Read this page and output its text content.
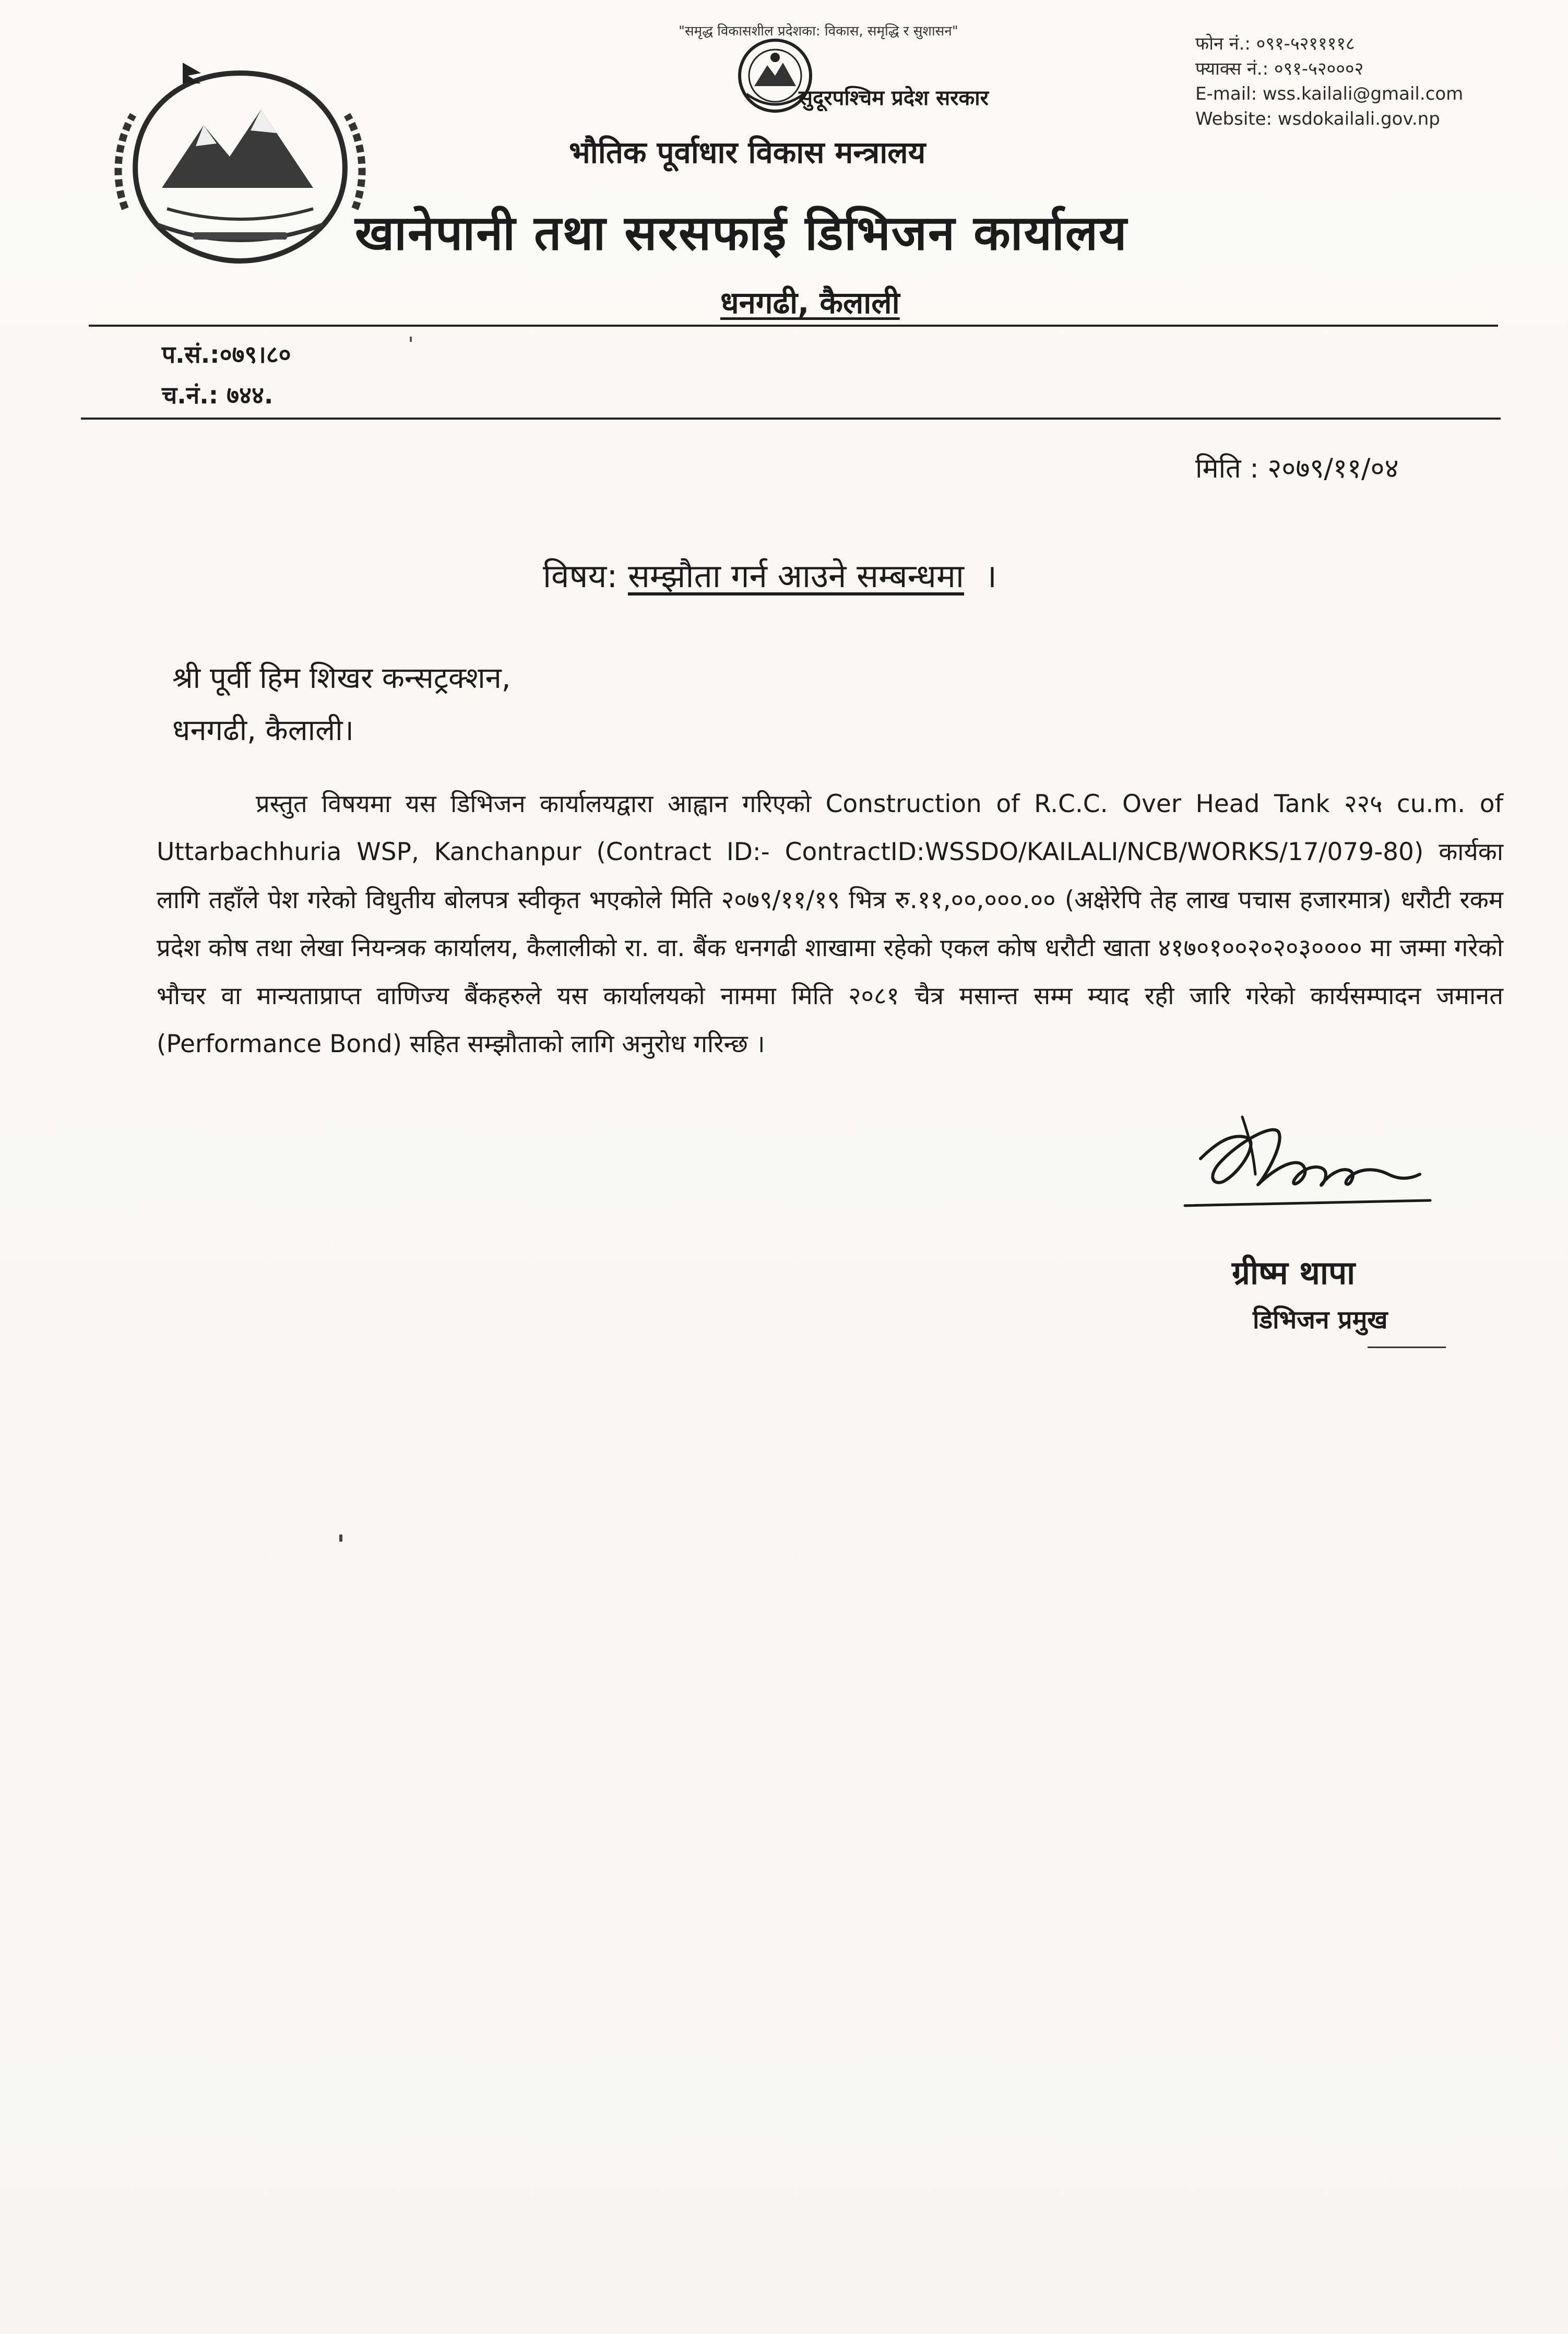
"समृद्ध विकासशील प्रदेशका: विकास, समृद्धि र सुशासन"
सुदूरपश्चिम प्रदेश सरकार
भौतिक पूर्वाधार विकास मन्त्रालय
खानेपानी तथा सरसफाई डिभिजन कार्यालय
धनगढी, कैलाली
फोन नं.: ०९१-५२११११८
फ्याक्स नं.: ०९१-५२०००२
E-mail: wss.kailali@gmail.com
Website: wsdokailali.gov.np
प.सं.:०७९।८०
च.नं.: ७४४.
मिति : २०७९/११/०४
विषय: सम्झौता गर्न आउने सम्बन्धमा ।
श्री पूर्वी हिम शिखर कन्सट्रक्शन,
धनगढी, कैलाली।
प्रस्तुत विषयमा यस डिभिजन कार्यालयद्वारा आह्वान गरिएको Construction of R.C.C. Over Head Tank २२५ cu.m. of Uttarbachhuria WSP, Kanchanpur (Contract ID:- ContractID:WSSDO/KAILALI/NCB/WORKS/17/079-80) कार्यका लागि तहाँले पेश गरेको विधुतीय बोलपत्र स्वीकृत भएकोले मिति २०७९/११/१९ भित्र रु.११,००,०००.०० (अक्षेरेपि तेह लाख पचास हजारमात्र) धरौटी रकम प्रदेश कोष तथा लेखा नियन्त्रक कार्यालय, कैलालीको रा. वा. बैंक धनगढी शाखामा रहेको एकल कोष धरौटी खाता ४१७०१००२०२०३०००० मा जम्मा गरेको भौचर वा मान्यताप्राप्त वाणिज्य बैंकहरुले यस कार्यालयको नाममा मिति २०८१ चैत्र मसान्त सम्म म्याद रही जारि गरेको कार्यसम्पादन जमानत (Performance Bond) सहित सम्झौताको लागि अनुरोध गरिन्छ ।
ग्रीष्म थापा
डिभिजन प्रमुख
